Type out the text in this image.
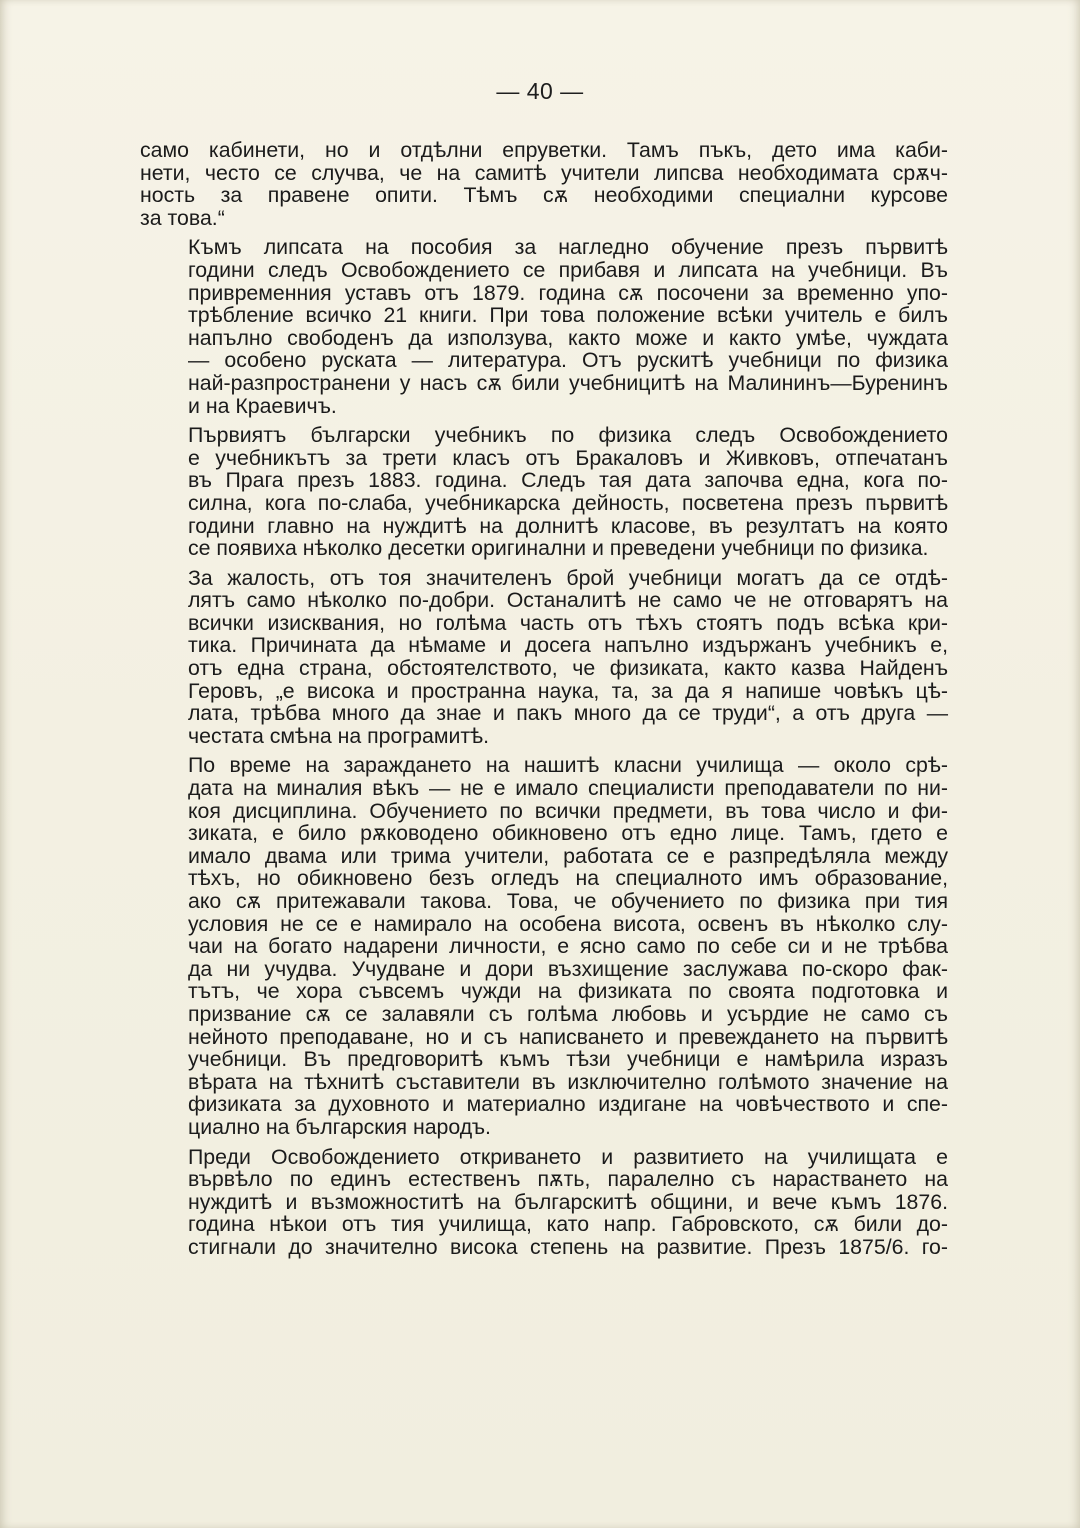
— 40 —

само кабинети, но и отдѣлни епруветки. Тамъ пъкъ, дето има каби-
нети, често се случва, че на самитѣ учители липсва необходимата срѫч-
ность за правене опити. Тѣмъ сѫ необходими специални курсове
за това.“

Къмъ липсата на пособия за нагледно обучение презъ първитѣ
години следъ Освобождението се прибавя и липсата на учебници. Въ
привременния уставъ отъ 1879. година сѫ посочени за временно упо-
трѣбление всичко 21 книги. При това положение всѣки учитель е билъ
напълно свободенъ да използува, както може и както умѣе, чуждата
— особено руската — литература. Отъ рускитѣ учебници по физика
най-разпространени у насъ сѫ били учебницитѣ на Малининъ—Буренинъ
и на Краевичъ.

Първиятъ български учебникъ по физика следъ Освобождението
е учебникътъ за трети класъ отъ Бракаловъ и Живковъ, отпечатанъ
въ Прага презъ 1883. година. Следъ тая дата започва една, кога по-
силна, кога по-слаба, учебникарска дейность, посветена презъ първитѣ
години главно на нуждитѣ на долнитѣ класове, въ резултатъ на която
се появиха нѣколко десетки оригинални и преведени учебници по физика.

За жалость, отъ тоя значителенъ брой учебници могатъ да се отдѣ-
лятъ само нѣколко по-добри. Останалитѣ не само че не отговарятъ на
всички изисквания, но голѣма часть отъ тѣхъ стоятъ подъ всѣка кри-
тика. Причината да нѣмаме и досега напълно издържанъ учебникъ е,
отъ една страна, обстоятелството, че физиката, както казва Найденъ
Геровъ, „е висока и пространна наука, та, за да я напише човѣкъ цѣ-
лата, трѣбва много да знае и пакъ много да се труди“, а отъ друга —
честата смѣна на програмитѣ.

По време на зараждането на нашитѣ класни училища — около срѣ-
дата на миналия вѣкъ — не е имало специалисти преподаватели по ни-
коя дисциплина. Обучението по всички предмети, въ това число и фи-
зиката, е било рѫководено обикновено отъ едно лице. Тамъ, гдето е
имало двама или трима учители, работата се е разпредѣляла между
тѣхъ, но обикновено безъ огледъ на специалното имъ образование,
ако сѫ притежавали такова. Това, че обучението по физика при тия
условия не се е намирало на особена висота, освенъ въ нѣколко слу-
чаи на богато надарени личности, е ясно само по себе си и не трѣбва
да ни учудва. Учудване и дори възхищение заслужава по-скоро фак-
тътъ, че хора съвсемъ чужди на физиката по своята подготовка и
призвание сѫ се залавяли съ голѣма любовь и усърдие не само съ
нейното преподаване, но и съ написването и превеждането на първитѣ
учебници. Въ предговоритѣ къмъ тѣзи учебници е намѣрила изразъ
вѣрата на тѣхнитѣ съставители въ изключително голѣмото значение на
физиката за духовното и материално издигане на човѣчеството и спе-
циално на българския народъ.

Преди Освобождението откриването и развитието на училищата е
вървѣло по единъ естественъ пѫть, паралелно съ нарастването на
нуждитѣ и възможноститѣ на българскитѣ общини, и вече къмъ 1876.
година нѣкои отъ тия училища, като напр. Габровското, сѫ били до-
стигнали до значително висока степень на развитие. Презъ 1875/6. го-
